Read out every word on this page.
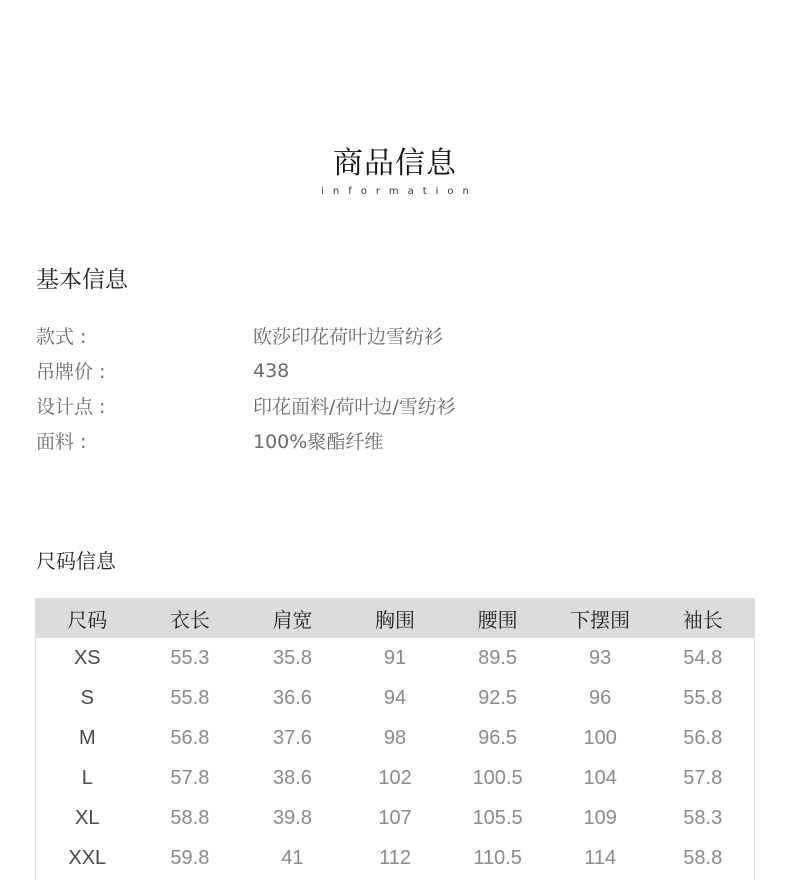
商品信息
information
基本信息
款式 :	欧莎印花荷叶边雪纺衫
吊牌价 :	438
设计点 :	印花面料/荷叶边/雪纺衫
面料 :	100%聚酯纤维
尺码信息
尺码	衣长	肩宽	胸围	腰围	下摆围	袖长
XS	55.3	35.8	91	89.5	93	54.8
S	55.8	36.6	94	92.5	96	55.8
M	56.8	37.6	98	96.5	100	56.8
L	57.8	38.6	102	100.5	104	57.8
XL	58.8	39.8	107	105.5	109	58.3
XXL	59.8	41	112	110.5	114	58.8
